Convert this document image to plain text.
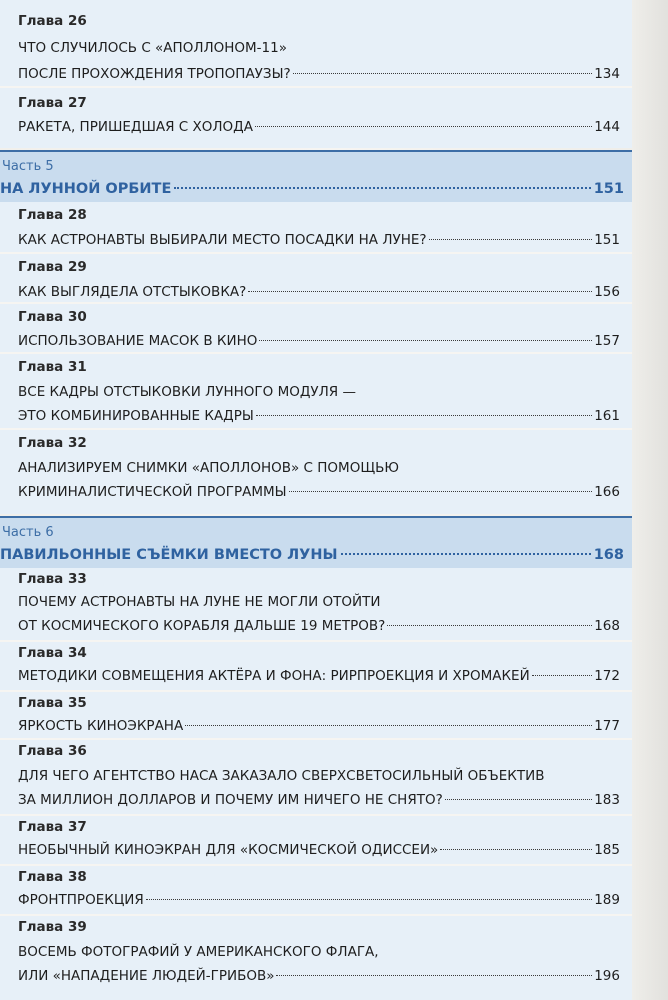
Глава 26
ЧТО СЛУЧИЛОСЬ С «АПОЛЛОНОМ-11»
ПОСЛЕ ПРОХОЖДЕНИЯ ТРОПОПАУЗЫ?	134
Глава 27
РАКЕТА, ПРИШЕДШАЯ С ХОЛОДА	144
Часть 5
НА ЛУННОЙ ОРБИТЕ	151
Глава 28
КАК АСТРОНАВТЫ ВЫБИРАЛИ МЕСТО ПОСАДКИ НА ЛУНЕ?	151
Глава 29
КАК ВЫГЛЯДЕЛА ОТСТЫКОВКА?	156
Глава 30
ИСПОЛЬЗОВАНИЕ МАСОК В КИНО	157
Глава 31
ВСЕ КАДРЫ ОТСТЫКОВКИ ЛУННОГО МОДУЛЯ —
ЭТО КОМБИНИРОВАННЫЕ КАДРЫ	161
Глава 32
АНАЛИЗИРУЕМ СНИМКИ «АПОЛЛОНОВ» С ПОМОЩЬЮ
КРИМИНАЛИСТИЧЕСКОЙ ПРОГРАММЫ	166
Часть 6
ПАВИЛЬОННЫЕ СЪЁМКИ ВМЕСТО ЛУНЫ	168
Глава 33
ПОЧЕМУ АСТРОНАВТЫ НА ЛУНЕ НЕ МОГЛИ ОТОЙТИ
ОТ КОСМИЧЕСКОГО КОРАБЛЯ ДАЛЬШЕ 19 МЕТРОВ?	168
Глава 34
МЕТОДИКИ СОВМЕЩЕНИЯ АКТЁРА И ФОНА: РИРПРОЕКЦИЯ И ХРОМАКЕЙ	172
Глава 35
ЯРКОСТЬ КИНОЭКРАНА	177
Глава 36
ДЛЯ ЧЕГО АГЕНТСТВО НАСА ЗАКАЗАЛО СВЕРХСВЕТОСИЛЬНЫЙ ОБЪЕКТИВ
ЗА МИЛЛИОН ДОЛЛАРОВ И ПОЧЕМУ ИМ НИЧЕГО НЕ СНЯТО?	183
Глава 37
НЕОБЫЧНЫЙ КИНОЭКРАН ДЛЯ «КОСМИЧЕСКОЙ ОДИССЕИ»	185
Глава 38
ФРОНТПРОЕКЦИЯ	189
Глава 39
ВОСЕМЬ ФОТОГРАФИЙ У АМЕРИКАНСКОГО ФЛАГА,
ИЛИ «НАПАДЕНИЕ ЛЮДЕЙ-ГРИБОВ»	196
